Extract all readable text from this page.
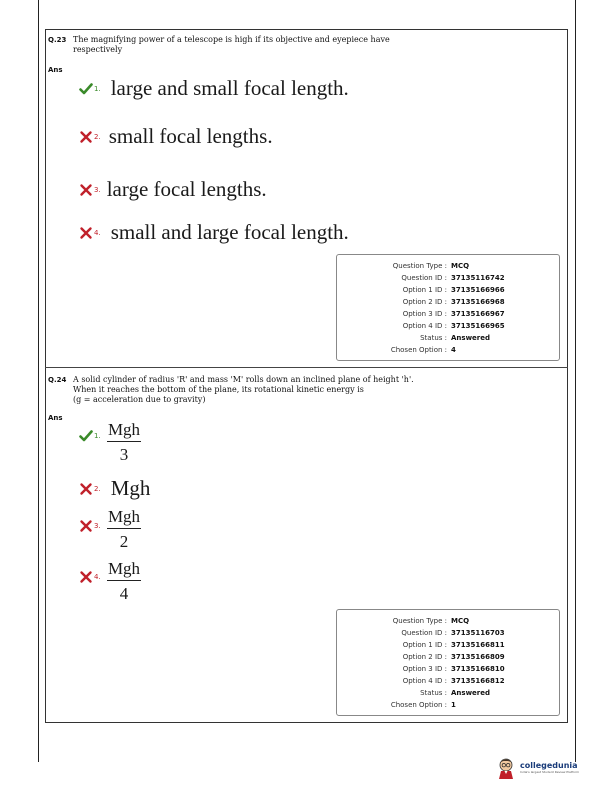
Q.23 The magnifying power of a telescope is high if its objective and eyepiece have
respectively
Ans
1. large and small focal length.
2. small focal lengths.
3. large focal lengths.
4. small and large focal length.
Question Type : MCQ
Question ID : 37135116742
Option 1 ID : 37135166966
Option 2 ID : 37135166968
Option 3 ID : 37135166967
Option 4 ID : 37135166965
Status : Answered
Chosen Option : 4
Q.24 A solid cylinder of radius 'R' and mass 'M' rolls down an inclined plane of height 'h'.
When it reaches the bottom of the plane, its rotational kinetic energy is
(g = acceleration due to gravity)
Ans
1. Mgh
3
2. Mgh
3. Mgh
2
4. Mgh
4
Question Type : MCQ
Question ID : 37135116703
Option 1 ID : 37135166811
Option 2 ID : 37135166809
Option 3 ID : 37135166810
Option 4 ID : 37135166812
Status : Answered
Chosen Option : 1
collegedunia
India's largest Student Review Platform
